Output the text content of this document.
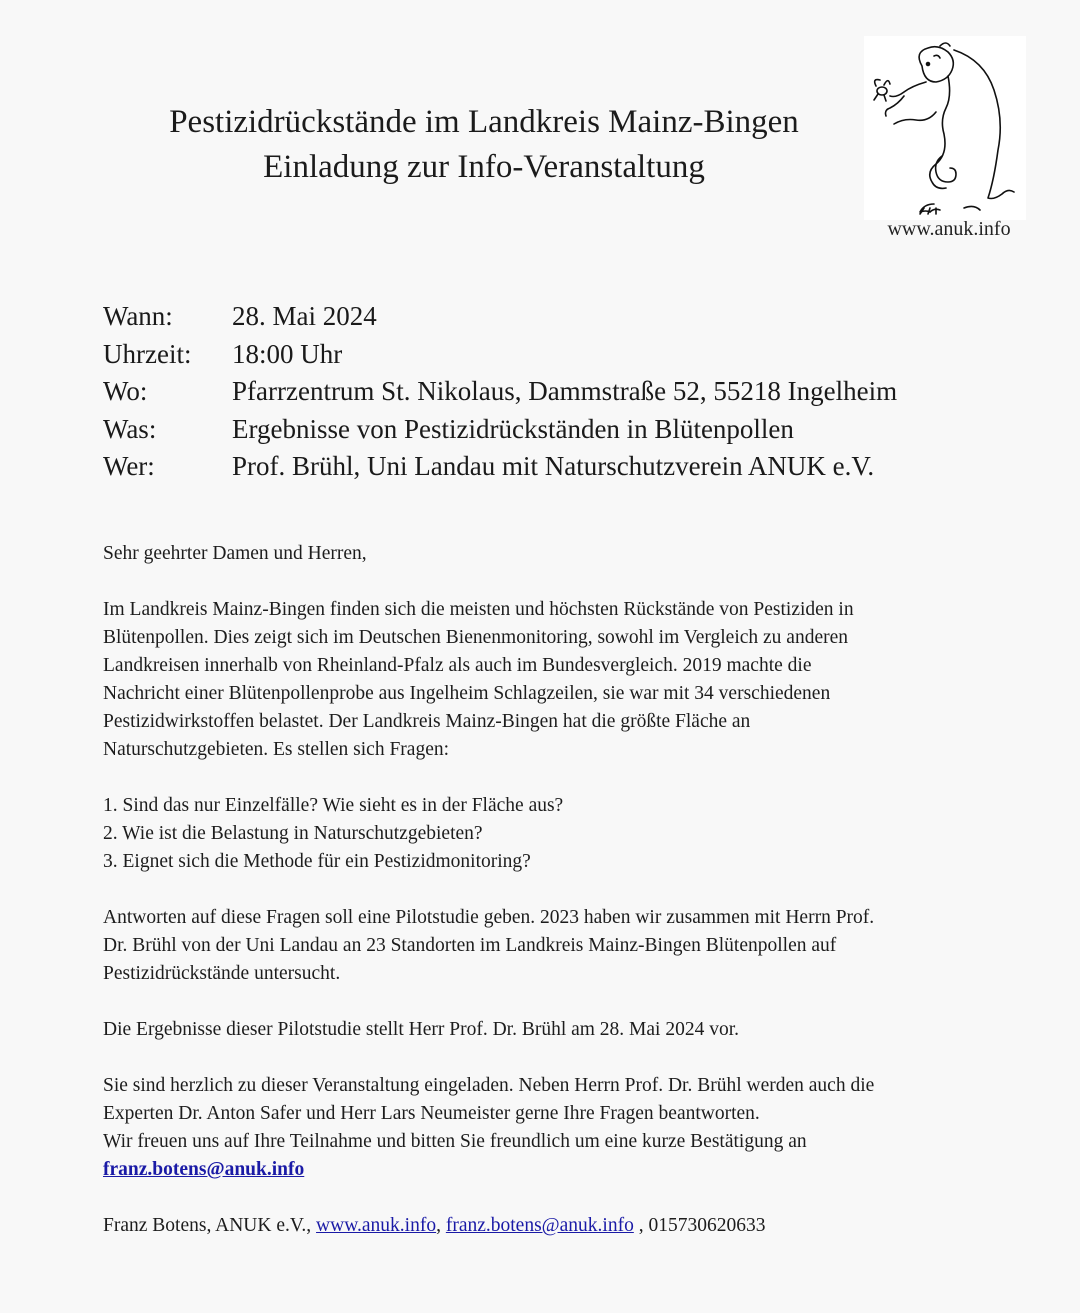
Pestizidrückstände im Landkreis Mainz-Bingen
Einladung zur Info-Veranstaltung
www.anuk.info
Wann:	28. Mai 2024
Uhrzeit:	18:00 Uhr
Wo:	Pfarrzentrum St. Nikolaus, Dammstraße 52, 55218 Ingelheim
Was:	Ergebnisse von Pestizidrückständen in Blütenpollen
Wer:	Prof. Brühl, Uni Landau mit Naturschutzverein ANUK e.V.

Sehr geehrter Damen und Herren,

Im Landkreis Mainz-Bingen finden sich die meisten und höchsten Rückstände von Pestiziden in

Blütenpollen. Dies zeigt sich im Deutschen Bienenmonitoring, sowohl im Vergleich zu anderen

Landkreisen innerhalb von Rheinland-Pfalz als auch im Bundesvergleich. 2019 machte die

Nachricht einer Blütenpollenprobe aus Ingelheim Schlagzeilen, sie war mit 34 verschiedenen

Pestizidwirkstoffen belastet. Der Landkreis Mainz-Bingen hat die größte Fläche an

Naturschutzgebieten. Es stellen sich Fragen:

1. Sind das nur Einzelfälle? Wie sieht es in der Fläche aus?

2. Wie ist die Belastung in Naturschutzgebieten?

3. Eignet sich die Methode für ein Pestizidmonitoring?

Antworten auf diese Fragen soll eine Pilotstudie geben. 2023 haben wir zusammen mit Herrn Prof.

Dr. Brühl von der Uni Landau an 23 Standorten im Landkreis Mainz-Bingen Blütenpollen auf

Pestizidrückstände untersucht.

Die Ergebnisse dieser Pilotstudie stellt Herr Prof. Dr. Brühl am 28. Mai 2024 vor.

Sie sind herzlich zu dieser Veranstaltung eingeladen. Neben Herrn Prof. Dr. Brühl werden auch die

Experten Dr. Anton Safer und Herr Lars Neumeister gerne Ihre Fragen beantworten.

Wir freuen uns auf Ihre Teilnahme und bitten Sie freundlich um eine kurze Bestätigung an

franz.botens@anuk.info

Franz Botens, ANUK e.V., www.anuk.info, franz.botens@anuk.info , 015730620633
